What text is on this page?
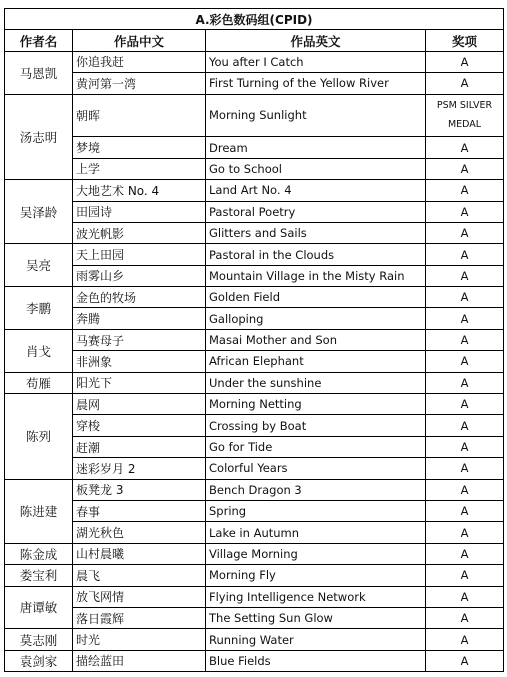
A.彩色数码组(CPID)			
作者名	作品中文	作品英文	奖项
马恩凯	你追我赶	You after I Catch	A
	黄河第一湾	First Turning of the Yellow River	A
汤志明	朝晖	Morning Sunlight	PSM SILVER MEDAL
	梦境	Dream	A
	上学	Go to School	A
吴泽龄	大地艺术 No. 4	Land Art No. 4	A
	田园诗	Pastoral Poetry	A
	波光帆影	Glitters and Sails	A
吴亮	天上田园	Pastoral in the Clouds	A
	雨雾山乡	Mountain Village in the Misty Rain	A
李鹏	金色的牧场	Golden Field	A
	奔腾	Galloping	A
肖戈	马赛母子	Masai Mother and Son	A
	非洲象	African Elephant	A
苟雁	阳光下	Under the sunshine	A
陈列	晨网	Morning Netting	A
	穿梭	Crossing by Boat	A
	赶潮	Go for Tide	A
	迷彩岁月 2	Colorful Years	A
陈进建	板凳龙 3	Bench Dragon 3	A
	春事	Spring	A
	湖光秋色	Lake in Autumn	A
陈金成	山村晨曦	Village Morning	A
娄宝利	晨飞	Morning Fly	A
唐谭敏	放飞网情	Flying Intelligence Network	A
	落日霞辉	The Setting Sun Glow	A
莫志刚	时光	Running Water	A
袁剑家	描绘蓝田	Blue Fields	A
